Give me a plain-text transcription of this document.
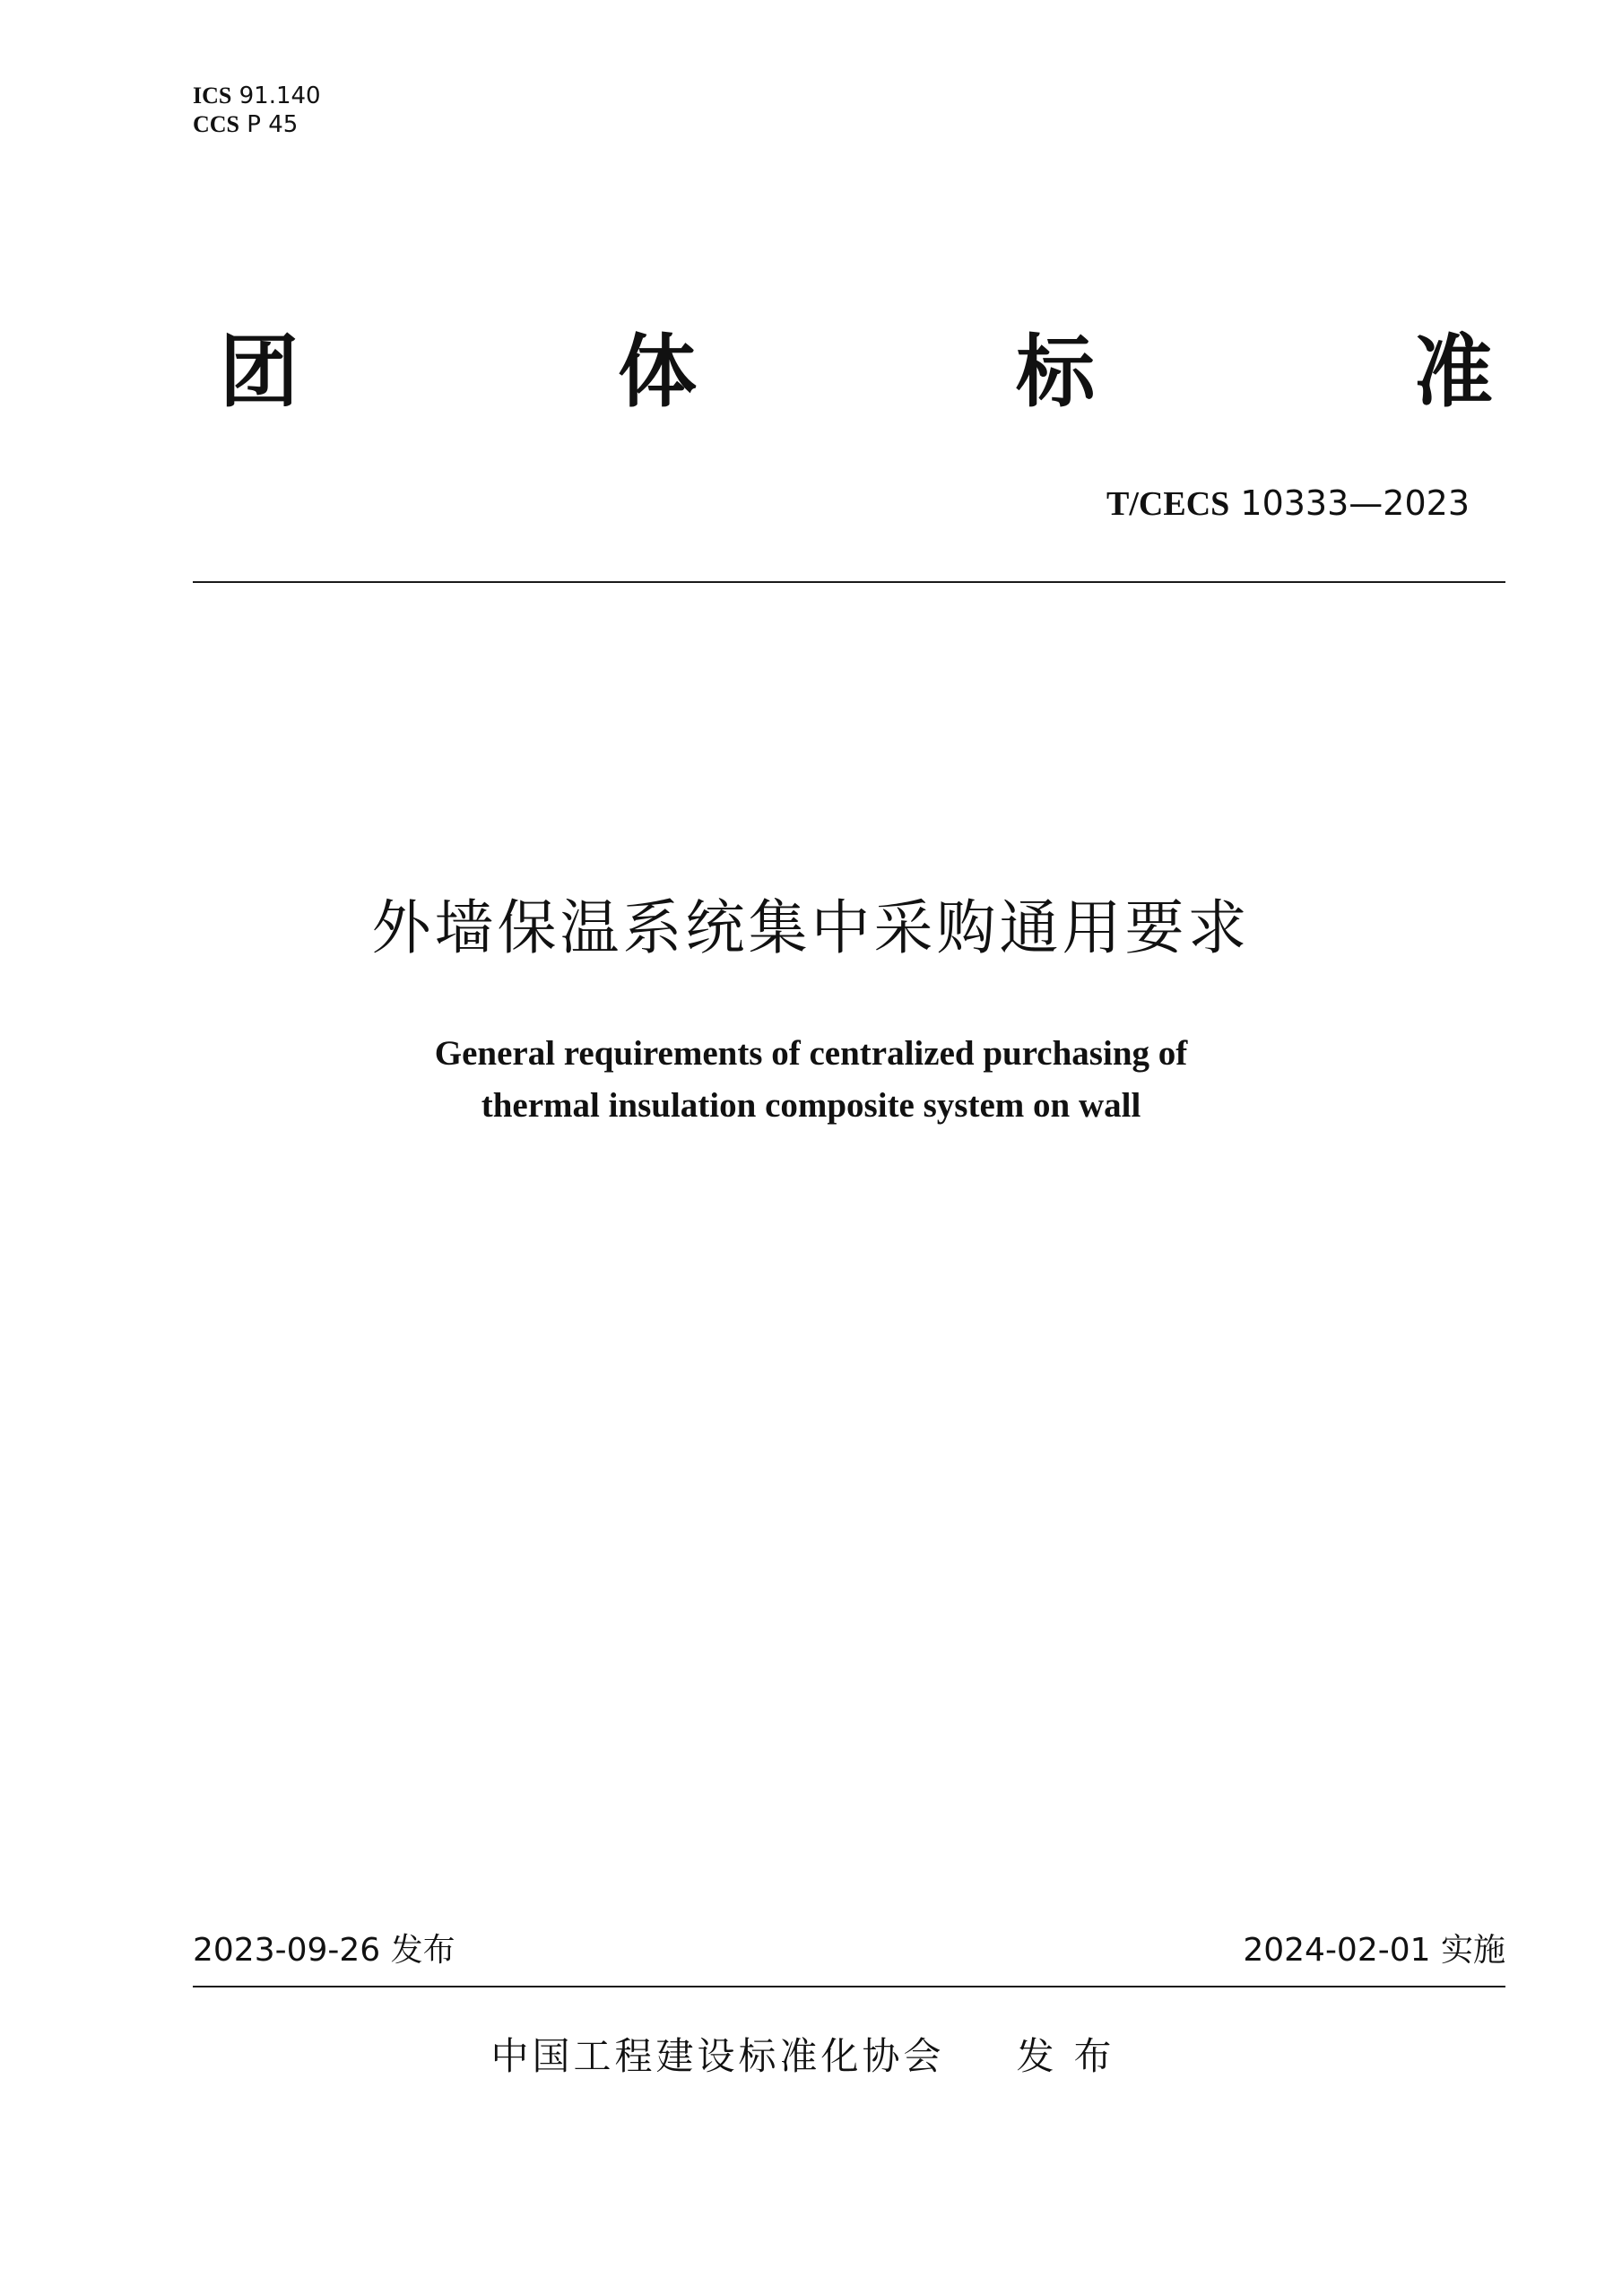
ICS 91.140
CCS P 45
团	体	标	准
T/CECS 10333—2023
外墙保温系统集中采购通用要求
General requirements of centralized purchasing of
thermal insulation composite system on wall
2023-09-26 发布	2024-02-01 实施
中国工程建设标准化协会 发布
